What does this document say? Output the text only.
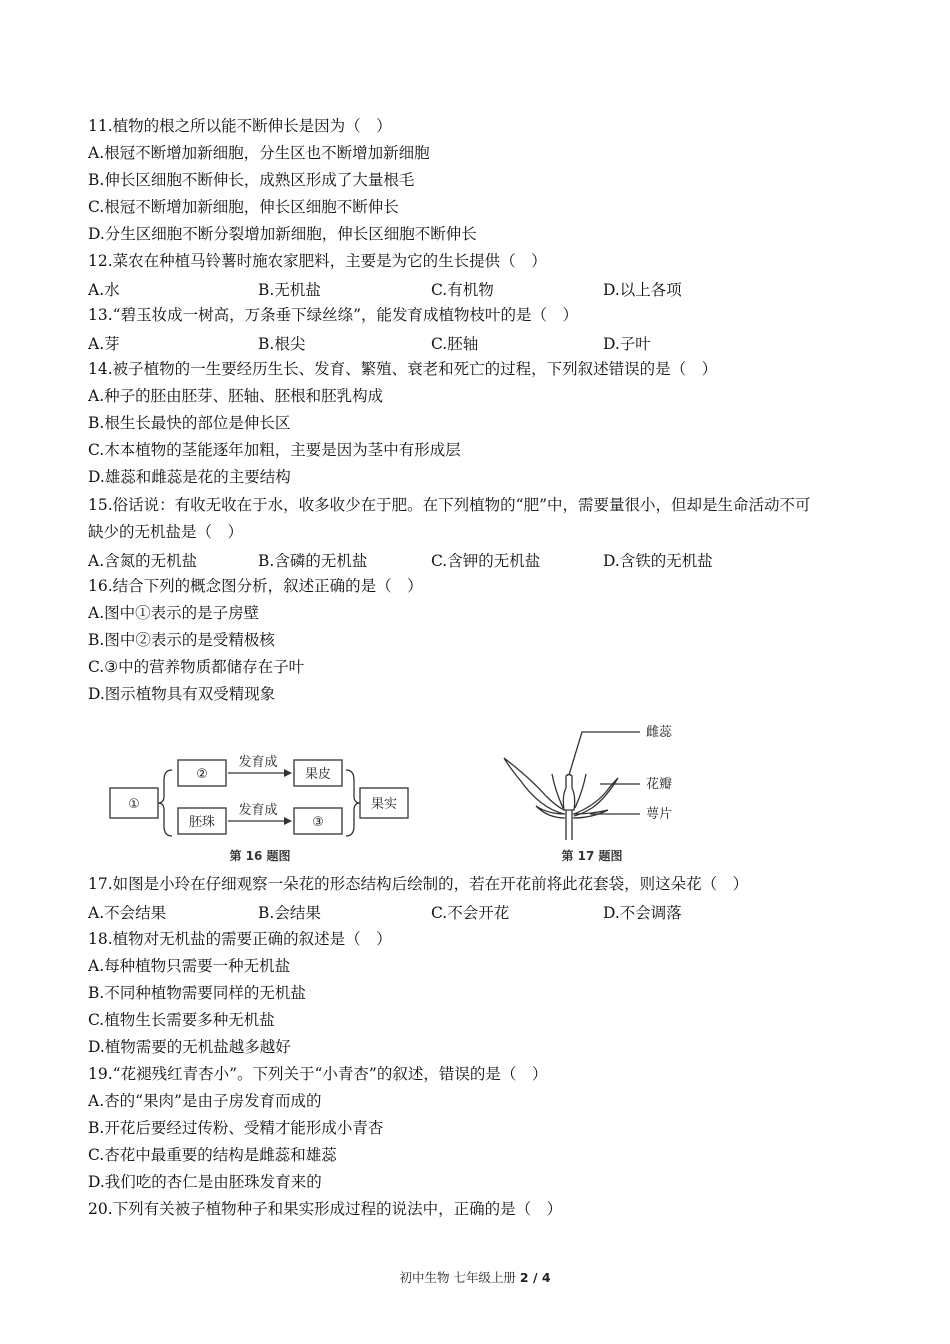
11.植物的根之所以能不断伸长是因为（　）
A.根冠不断增加新细胞，分生区也不断增加新细胞
B.伸长区细胞不断伸长，成熟区形成了大量根毛
C.根冠不断增加新细胞，伸长区细胞不断伸长
D.分生区细胞不断分裂增加新细胞，伸长区细胞不断伸长
12.菜农在种植马铃薯时施农家肥料，主要是为它的生长提供（　）
A.水	B.无机盐	C.有机物	D.以上各项
13.“碧玉妆成一树高，万条垂下绿丝绦”，能发育成植物枝叶的是（　）
A.芽	B.根尖	C.胚轴	D.子叶
14.被子植物的一生要经历生长、发育、繁殖、衰老和死亡的过程，下列叙述错误的是（　）
A.种子的胚由胚芽、胚轴、胚根和胚乳构成
B.根生长最快的部位是伸长区
C.木本植物的茎能逐年加粗，主要是因为茎中有形成层
D.雄蕊和雌蕊是花的主要结构
15.俗话说：有收无收在于水，收多收少在于肥。在下列植物的“肥”中，需要量很小，但却是生命活动不可
缺少的无机盐是（　）
A.含氮的无机盐	B.含磷的无机盐	C.含钾的无机盐	D.含铁的无机盐
16.结合下列的概念图分析，叙述正确的是（　）
A.图中①表示的是子房壁
B.图中②表示的是受精极核
C.③中的营养物质都储存在子叶
D.图示植物具有双受精现象
①
②
胚珠
发育成
发育成
果皮
③
果实
第 16 题图
雌蕊
花瓣
萼片
第 17 题图
17.如图是小玲在仔细观察一朵花的形态结构后绘制的，若在开花前将此花套袋，则这朵花（　）
A.不会结果	B.会结果	C.不会开花	D.不会调落
18.植物对无机盐的需要正确的叙述是（　）
A.每种植物只需要一种无机盐
B.不同种植物需要同样的无机盐
C.植物生长需要多种无机盐
D.植物需要的无机盐越多越好
19.“花褪残红青杏小”。下列关于“小青杏”的叙述，错误的是（　）
A.杏的“果肉”是由子房发育而成的
B.开花后要经过传粉、受精才能形成小青杏
C.杏花中最重要的结构是雌蕊和雄蕊
D.我们吃的杏仁是由胚珠发育来的
20.下列有关被子植物种子和果实形成过程的说法中，正确的是（　）
初中生物 七年级上册 2 / 4
